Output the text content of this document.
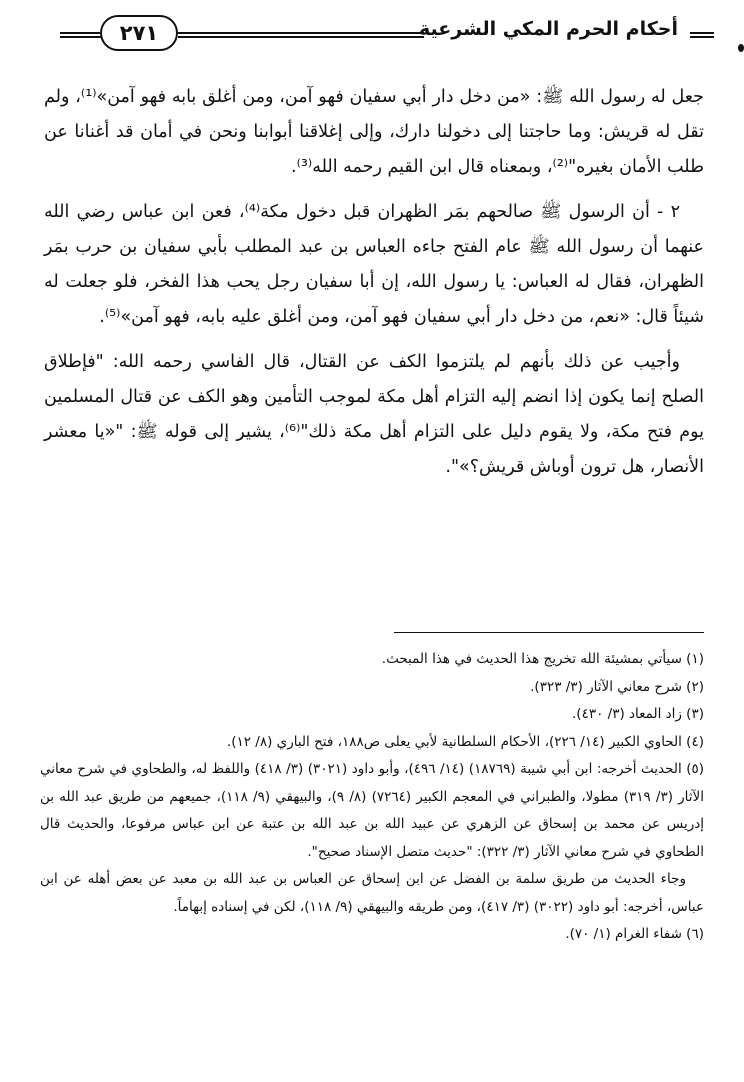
أحكام الحرم المكي الشرعية
٢٧١

جعل له رسول الله ﷺ: «من دخل دار أبي سفيان فهو آمن، ومن أغلق بابه فهو آمن»⁽¹⁾، ولم تقل له قريش: وما حاجتنا إلى دخولنا دارك، وإلى إغلاقنا أبوابنا ونحن في أمان قد أغنانا عن طلب الأمان بغيره"⁽²⁾، وبمعناه قال ابن القيم رحمه الله⁽³⁾.

٢ - أن الرسول ﷺ صالحهم بمَر الظهران قبل دخول مكة⁽⁴⁾، فعن ابن عباس رضي الله عنهما أن رسول الله ﷺ عام الفتح جاءه العباس بن عبد المطلب بأبي سفيان بن حرب بمَر الظهران، فقال له العباس: يا رسول الله، إن أبا سفيان رجل يحب هذا الفخر، فلو جعلت له شيئاً قال: «نعم، من دخل دار أبي سفيان فهو آمن، ومن أغلق عليه بابه، فهو آمن»⁽⁵⁾.

وأجيب عن ذلك بأنهم لم يلتزموا الكف عن القتال، قال الفاسي رحمه الله: "فإطلاق الصلح إنما يكون إذا انضم إليه التزام أهل مكة لموجب التأمين وهو الكف عن قتال المسلمين يوم فتح مكة، ولا يقوم دليل على التزام أهل مكة ذلك"⁽⁶⁾، يشير إلى قوله ﷺ: "«يا معشر الأنصار، هل ترون أوباش قريش؟»".

(١) سيأتي بمشيئة الله تخريج هذا الحديث في هذا المبحث.

(٢) شرح معاني الآثار (٣/ ٣٢٣).

(٣) زاد المعاد (٣/ ٤٣٠).

(٤) الحاوي الكبير (١٤/ ٢٢٦)، الأحكام السلطانية لأبي يعلى ص١٨٨، فتح الباري (٨/ ١٢).

(٥) الحديث أخرجه: ابن أبي شيبة (١٨٧٦٩) (١٤/ ٤٩٦)، وأبو داود (٣٠٢١) (٣/ ٤١٨) واللفظ له، والطحاوي في شرح معاني الآثار (٣/ ٣١٩) مطولا، والطبراني في المعجم الكبير (٧٢٦٤) (٨/ ٩)، والبيهقي (٩/ ١١٨)، جميعهم من طريق عبد الله بن إدريس عن محمد بن إسحاق عن الزهري عن عبيد الله بن عبد الله بن عتبة عن ابن عباس مرفوعا، والحديث قال الطحاوي في شرح معاني الآثار (٣/ ٣٢٢): "حديث متصل الإسناد صحيح".

وجاء الحديث من طريق سلمة بن الفضل عن ابن إسحاق عن العباس بن عبد الله بن معبد عن بعض أهله عن ابن عباس، أخرجه: أبو داود (٣٠٢٢) (٣/ ٤١٧)، ومن طريقه والبيهقي (٩/ ١١٨)، لكن في إسناده إبهاماً.

(٦) شفاء الغرام (١/ ٧٠).
